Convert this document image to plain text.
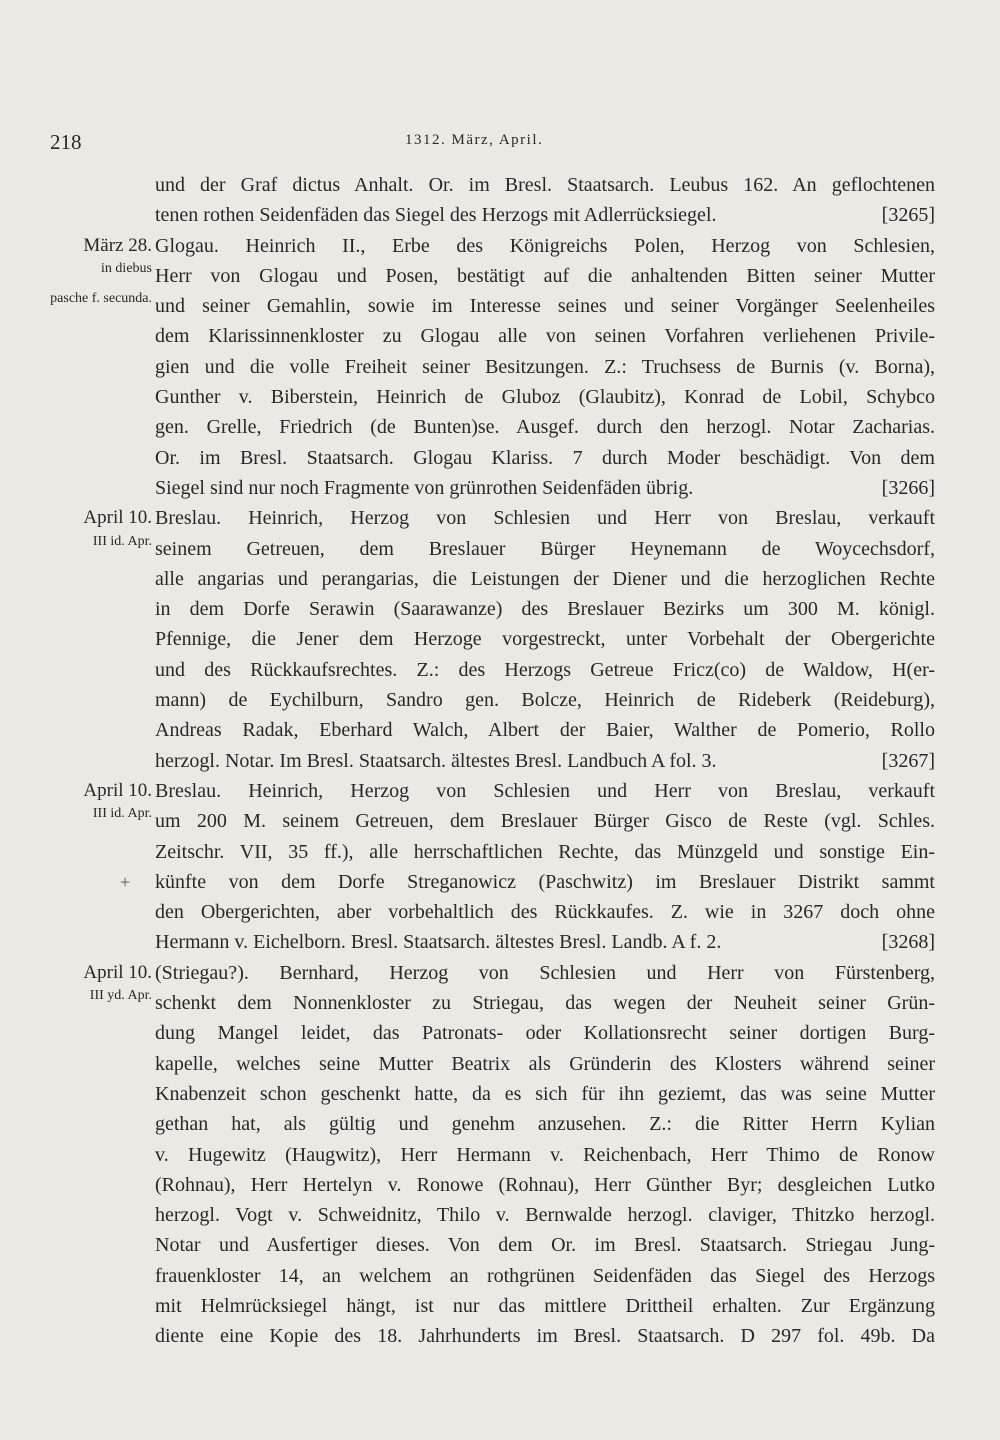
218	1312. März, April.
und der Graf dictus Anhalt. Or. im Bresl. Staatsarch. Leubus 162. An geflochtenen
tenen rothen Seidenfäden das Siegel des Herzogs mit Adlerrücksiegel.	[3265]
März 28. Glogau. Heinrich II., Erbe des Königreichs Polen, Herzog von Schlesien,
in diebus Herr von Glogau und Posen, bestätigt auf die anhaltenden Bitten seiner Mutter
pasche f. secunda. und seiner Gemahlin, sowie im Interesse seines und seiner Vorgänger Seelenheiles
dem Klarissinnenkloster zu Glogau alle von seinen Vorfahren verliehenen Privile-
gien und die volle Freiheit seiner Besitzungen. Z.: Truchsess de Burnis (v. Borna),
Gunther v. Biberstein, Heinrich de Gluboz (Glaubitz), Konrad de Lobil, Schybco
gen. Grelle, Friedrich (de Bunten)se. Ausgef. durch den herzogl. Notar Zacharias.
Or. im Bresl. Staatsarch. Glogau Klariss. 7 durch Moder beschädigt. Von dem
Siegel sind nur noch Fragmente von grünrothen Seidenfäden übrig.	[3266]
April 10. Breslau. Heinrich, Herzog von Schlesien und Herr von Breslau, verkauft
III id. Apr. seinem Getreuen, dem Breslauer Bürger Heynemann de Woycechsdorf,
alle angarias und perangarias, die Leistungen der Diener und die herzoglichen Rechte
in dem Dorfe Serawin (Saarawanze) des Breslauer Bezirks um 300 M. königl.
Pfennige, die Jener dem Herzoge vorgestreckt, unter Vorbehalt der Obergerichte
und des Rückkaufsrechtes. Z.: des Herzogs Getreue Fricz(co) de Waldow, H(er-
mann) de Eychilburn, Sandro gen. Bolcze, Heinrich de Rideberk (Reideburg),
Andreas Radak, Eberhard Walch, Albert der Baier, Walther de Pomerio, Rollo
herzogl. Notar. Im Bresl. Staatsarch. ältestes Bresl. Landbuch A fol. 3.	[3267]
April 10. Breslau. Heinrich, Herzog von Schlesien und Herr von Breslau, verkauft
III id. Apr. um 200 M. seinem Getreuen, dem Breslauer Bürger Gisco de Reste (vgl. Schles.
Zeitschr. VII, 35 ff.), alle herrschaftlichen Rechte, das Münzgeld und sonstige Ein-
+ künfte von dem Dorfe Streganowicz (Paschwitz) im Breslauer Distrikt sammt
den Obergerichten, aber vorbehaltlich des Rückkaufes. Z. wie in 3267 doch ohne
Hermann v. Eichelborn. Bresl. Staatsarch. ältestes Bresl. Landb. A f. 2.	[3268]
April 10. (Striegau?). Bernhard, Herzog von Schlesien und Herr von Fürstenberg,
III yd. Apr. schenkt dem Nonnenkloster zu Striegau, das wegen der Neuheit seiner Grün-
dung Mangel leidet, das Patronats- oder Kollationsrecht seiner dortigen Burg-
kapelle, welches seine Mutter Beatrix als Gründerin des Klosters während seiner
Knabenzeit schon geschenkt hatte, da es sich für ihn geziemt, das was seine Mutter
gethan hat, als gültig und genehm anzusehen. Z.: die Ritter Herrn Kylian
v. Hugewitz (Haugwitz), Herr Hermann v. Reichenbach, Herr Thimo de Ronow
(Rohnau), Herr Hertelyn v. Ronowe (Rohnau), Herr Günther Byr; desgleichen Lutko
herzogl. Vogt v. Schweidnitz, Thilo v. Bernwalde herzogl. claviger, Thitzko herzogl.
Notar und Ausfertiger dieses. Von dem Or. im Bresl. Staatsarch. Striegau Jung-
frauenkloster 14, an welchem an rothgrünen Seidenfäden das Siegel des Herzogs
mit Helmrücksiegel hängt, ist nur das mittlere Drittheil erhalten. Zur Ergänzung
diente eine Kopie des 18. Jahrhunderts im Bresl. Staatsarch. D 297 fol. 49b. Da
